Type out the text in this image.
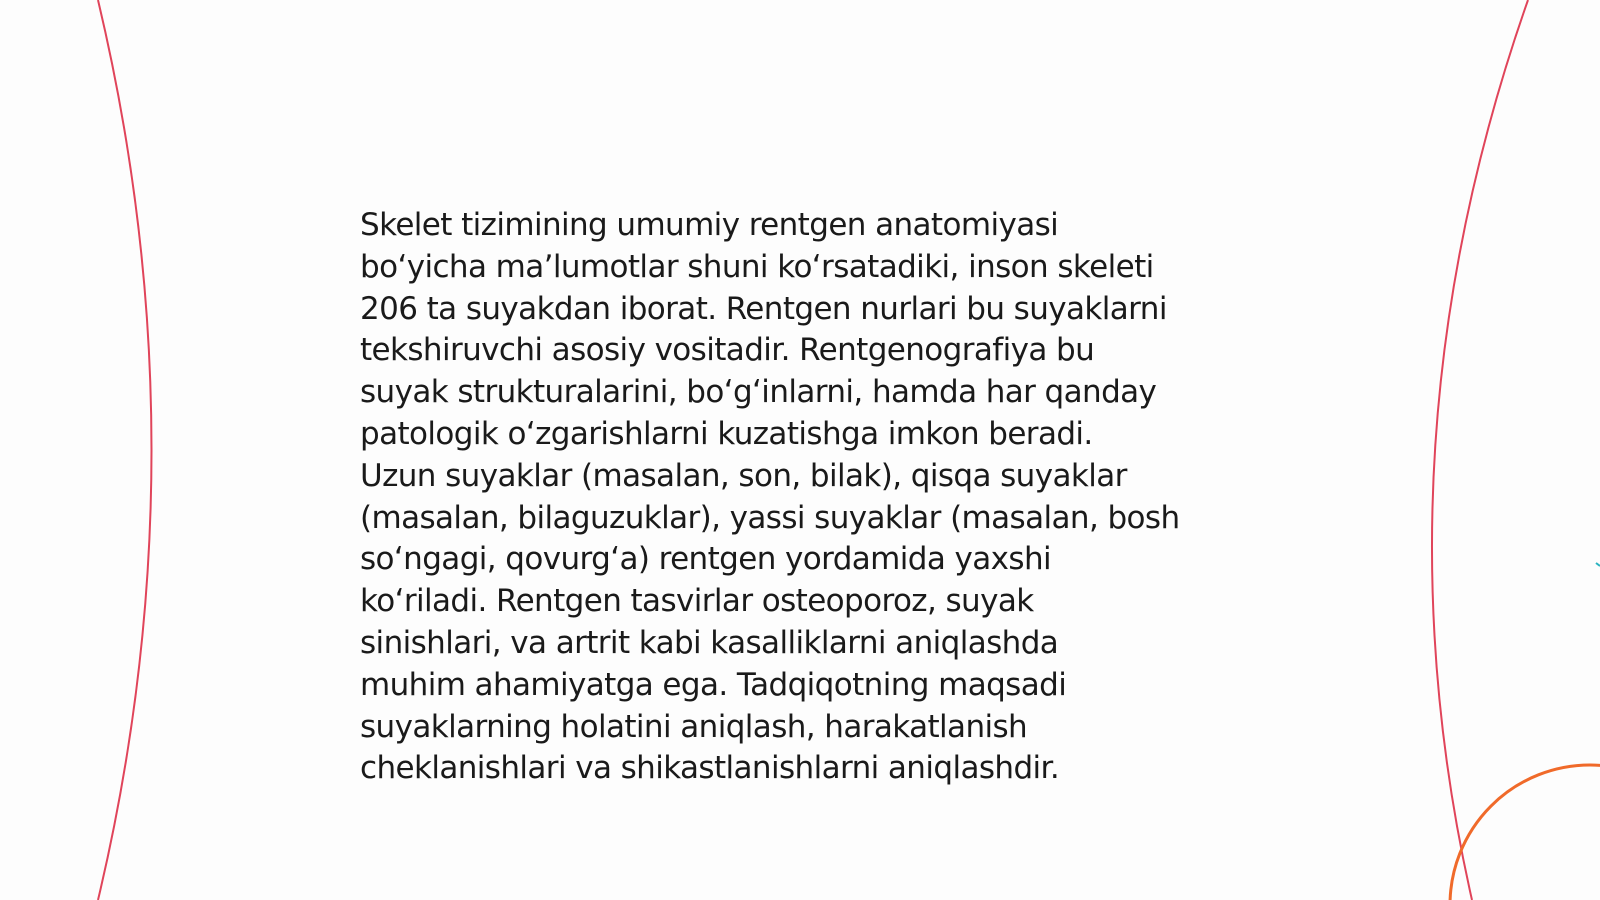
Skelet tizimining umumiy rentgen anatomiyasi
bo‘yicha ma’lumotlar shuni ko‘rsatadiki, inson skeleti
206 ta suyakdan iborat. Rentgen nurlari bu suyaklarni
tekshiruvchi asosiy vositadir. Rentgenografiya bu
suyak strukturalarini, bo‘g‘inlarni, hamda har qanday
patologik o‘zgarishlarni kuzatishga imkon beradi.
Uzun suyaklar (masalan, son, bilak), qisqa suyaklar
(masalan, bilaguzuklar), yassi suyaklar (masalan, bosh
so‘ngagi, qovurg‘a) rentgen yordamida yaxshi
ko‘riladi. Rentgen tasvirlar osteoporoz, suyak
sinishlari, va artrit kabi kasalliklarni aniqlashda
muhim ahamiyatga ega. Tadqiqotning maqsadi
suyaklarning holatini aniqlash, harakatlanish
cheklanishlari va shikastlanishlarni aniqlashdir.
